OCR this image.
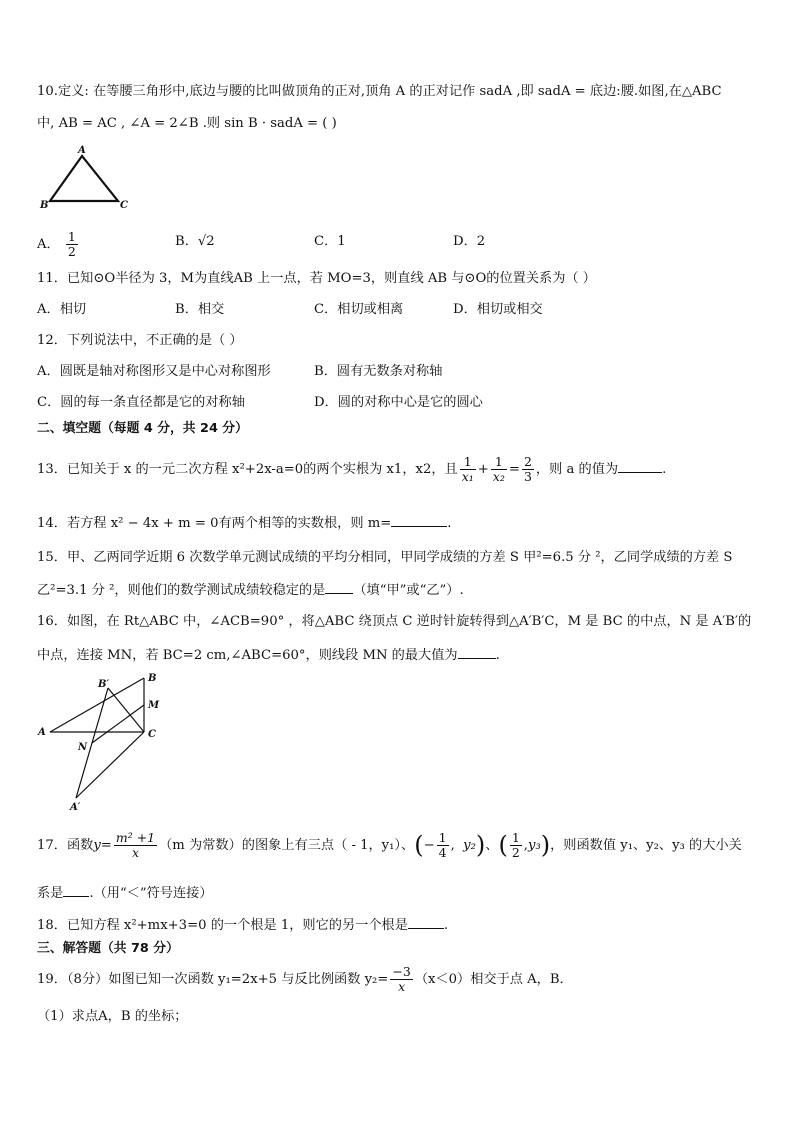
10.定义: 在等腰三角形中,底边与腰的比叫做顶角的正对,顶角 A 的正对记作 sadA ,即 sadA = 底边:腰.如图,在△ABC
中, AB = AC , ∠A = 2∠B .则 sin B · sadA = ( )
A
B	C
A． $\frac{1}{2}$	B．√2	C．1	D．2
11．已知⊙O半径为 3，M为直线AB 上一点，若 MO=3，则直线 AB 与⊙O的位置关系为（ ）
A．相切	B．相交	C．相切或相离	D．相切或相交
12．下列说法中，不正确的是（ ）
A．圆既是轴对称图形又是中心对称图形	B．圆有无数条对称轴
C．圆的每一条直径都是它的对称轴	D．圆的对称中心是它的圆心
二、填空题（每题 4 分，共 24 分）
13．已知关于 x 的一元二次方程 x²+2x-a=0的两个实根为 x1，x2，且 $\frac{1}{\text{x₁}} + \frac{1}{\text{x₂}} = \frac{2}{3}$ ，则 a 的值为	.
14．若方程 x² − 4x + m = 0有两个相等的实数根，则 m=	.
15．甲、乙两同学近期 6 次数学单元测试成绩的平均分相同，甲同学成绩的方差 S 甲²=6.5 分 ²，乙同学成绩的方差 S
乙²=3.1 分 ²，则他们的数学测试成绩较稳定的是 （填“甲”或“乙”）.
16．如图，在 Rt△ABC 中，∠ACB=90° ，将△ABC 绕顶点 C 逆时针旋转得到△A′B′C，M 是 BC 的中点，N 是 A′B′的
中点，连接 MN，若 BC=2 cm,∠ABC=60°，则线段 MN 的最大值为	.
B′
B
M
A
N
C
A′
17．函数$y= \frac{\text{m² +1}}{x} (m$ 为常数）的图象上有三点（ - 1，y₁）、(− $\frac{1}{4}$ ,  y₂)、( $\frac{1}{2} ,y_3$)，则函数值 y₁、y₂、y₃ 的大小关
系是 .（用“＜”符号连接）
18．已知方程 x²+mx+3=0 的一个根是 1，则它的另一个根是	.
三、解答题（共 78 分）
19．（8分）如图已知一次函数 y₁=2x+5 与反比例函数 $y_2= \frac{-3}{x} (x<0)$相交于点 A，B．
（1）求点A，B 的坐标；
